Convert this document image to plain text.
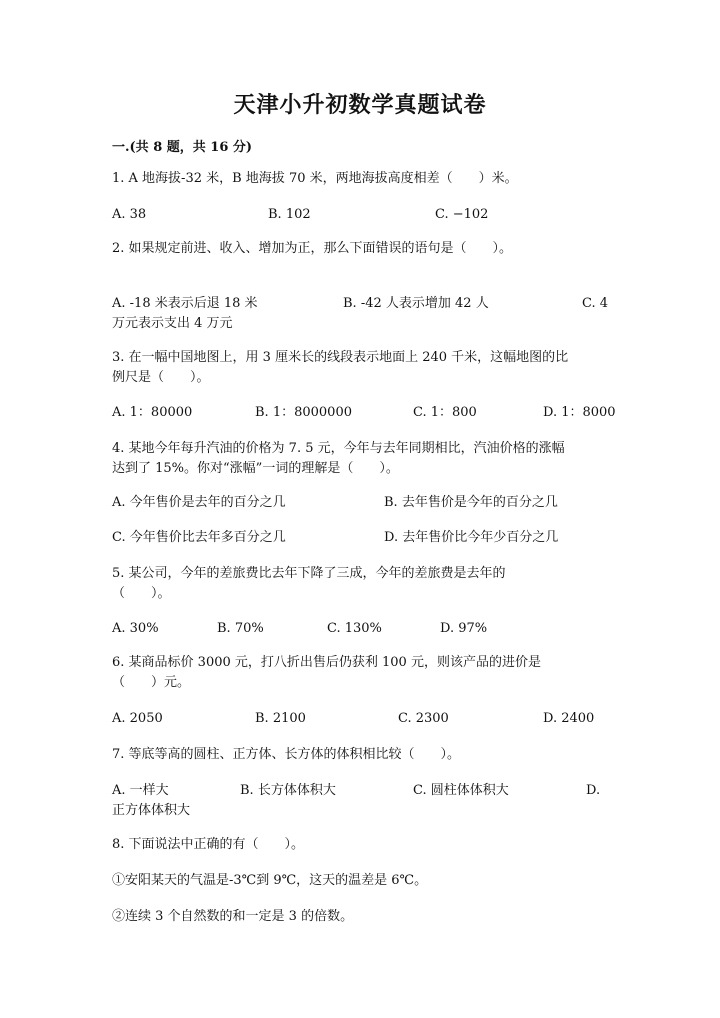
天津小升初数学真题试卷
一.(共 8 题，共 16 分)
1. A 地海拔-32 米，B 地海拔 70 米，两地海拔高度相差（　　）米。
A. 38	B. 102	C. −102
2. 如果规定前进、收入、增加为正，那么下面错误的语句是（　　）。
A. -18 米表示后退 18 米	B. -42 人表示增加 42 人	C. 4
万元表示支出 4 万元
3. 在一幅中国地图上，用 3 厘米长的线段表示地面上 240 千米，这幅地图的比
例尺是（　　）。
A. 1：80000	B. 1：8000000	C. 1：800	D. 1：8000
4. 某地今年每升汽油的价格为 7. 5 元，今年与去年同期相比，汽油价格的涨幅
达到了 15%。你对“涨幅”一词的理解是（　　）。
A. 今年售价是去年的百分之几	B. 去年售价是今年的百分之几
C. 今年售价比去年多百分之几	D. 去年售价比今年少百分之几
5. 某公司，今年的差旅费比去年下降了三成，今年的差旅费是去年的
（　　）。
A. 30%	B. 70%	C. 130%	D. 97%
6. 某商品标价 3000 元，打八折出售后仍获利 100 元，则该产品的进价是
（　　）元。
A. 2050	B. 2100	C. 2300	D. 2400
7. 等底等高的圆柱、正方体、长方体的体积相比较（　　）。
A. 一样大	B. 长方体体积大	C. 圆柱体体积大	D.
正方体体积大
8. 下面说法中正确的有（　　）。
①安阳某天的气温是-3℃到 9℃，这天的温差是 6℃。
②连续 3 个自然数的和一定是 3 的倍数。
